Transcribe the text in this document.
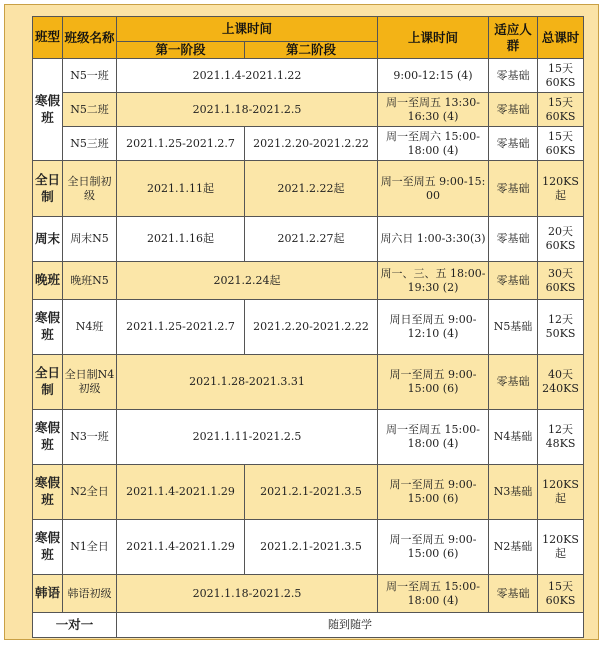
班型	班级名称	上课时间		上课时间	适应人群	总课时
		第一阶段	第二阶段			
寒假班	N5一班	2021.1.4-2021.1.22		9:00-12:15 (4)	零基础	15天 60KS
	N5二班	2021.1.18-2021.2.5		周一至周五 13:30-16:30 (4)	零基础	15天 60KS
	N5三班	2021.1.25-2021.2.7	2021.2.20-2021.2.22	周一至周六 15:00-18:00 (4)	零基础	15天 60KS
全日制	全日制初级	2021.1.11起	2021.2.22起	周一至周五 9:00-15: 00	零基础	120KS 起
周末	周末N5	2021.1.16起	2021.2.27起	周六日 1:00-3:30(3)	零基础	20天 60KS
晚班	晚班N5	2021.2.24起		周一、三、五 18:00-19:30 (2)	零基础	30天 60KS
寒假班	N4班	2021.1.25-2021.2.7	2021.2.20-2021.2.22	周日至周五 9:00-12:10 (4)	N5基础	12天 50KS
全日制	全日制N4初级	2021.1.28-2021.3.31		周一至周五 9:00-15:00 (6)	零基础	40天 240KS
寒假班	N3一班	2021.1.11-2021.2.5		周一至周五 15:00-18:00 (4)	N4基础	12天 48KS
寒假班	N2全日	2021.1.4-2021.1.29	2021.2.1-2021.3.5	周一至周五 9:00-15:00 (6)	N3基础	120KS 起
寒假班	N1全日	2021.1.4-2021.1.29	2021.2.1-2021.3.5	周一至周五 9:00-15:00 (6)	N2基础	120KS 起
韩语	韩语初级	2021.1.18-2021.2.5		周一至周五 15:00-18:00 (4)	零基础	15天 60KS
一对一		随到随学				
